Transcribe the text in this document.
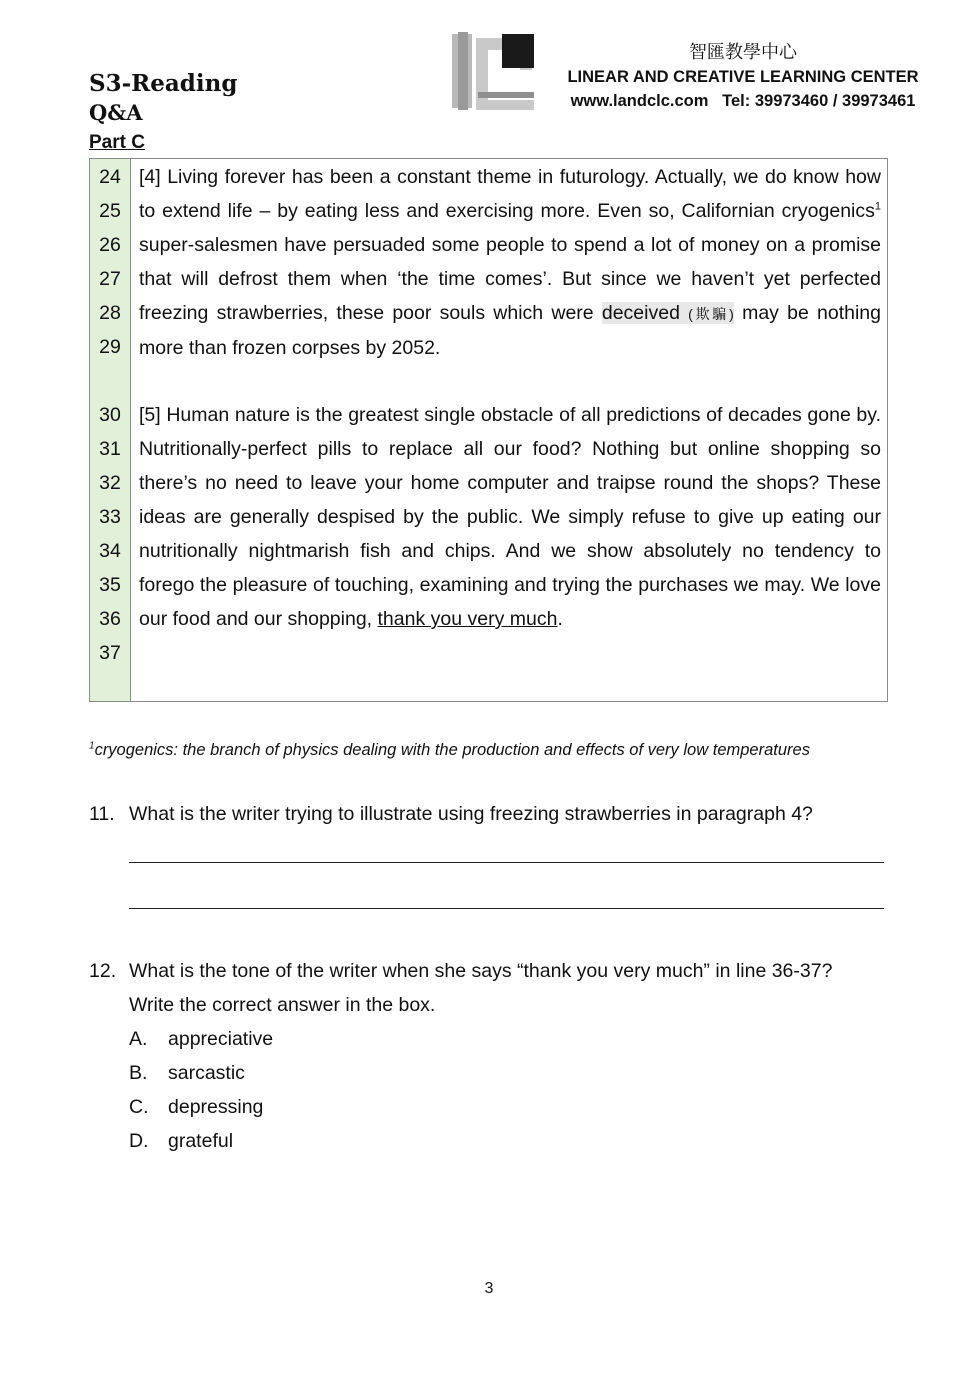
S3-Reading
Q&A
Part C
智匯教學中心
LINEAR AND CREATIVE LEARNING CENTER
www.landclc.com   Tel: 39973460 / 39973461
24
25
26
27
28
29
30
31
32
33
34
35
36
37
[4] Living forever has been a constant theme in futurology. Actually, we do know how to extend life – by eating less and exercising more. Even so, Californian cryogenics$^1$ super-salesmen have persuaded some people to spend a lot of money on a promise that will defrost them when ‘the time comes’. But since we haven’t yet perfected freezing strawberries, these poor souls which were deceived (欺騙) may be nothing more than frozen corpses by 2052.
[5] Human nature is the greatest single obstacle of all predictions of decades gone by. Nutritionally-perfect pills to replace all our food? Nothing but online shopping so there’s no need to leave your home computer and traipse round the shops? These ideas are generally despised by the public. We simply refuse to give up eating our nutritionally nightmarish fish and chips. And we show absolutely no tendency to forego the pleasure of touching, examining and trying the purchases we may. We love our food and our shopping, thank you very much.
$^1$cryogenics: the branch of physics dealing with the production and effects of very low temperatures
11. What is the writer trying to illustrate using freezing strawberries in paragraph 4?
12. What is the tone of the writer when she says “thank you very much” in line 36-37?
Write the correct answer in the box.
A. appreciative
B. sarcastic
C. depressing
D. grateful
3
